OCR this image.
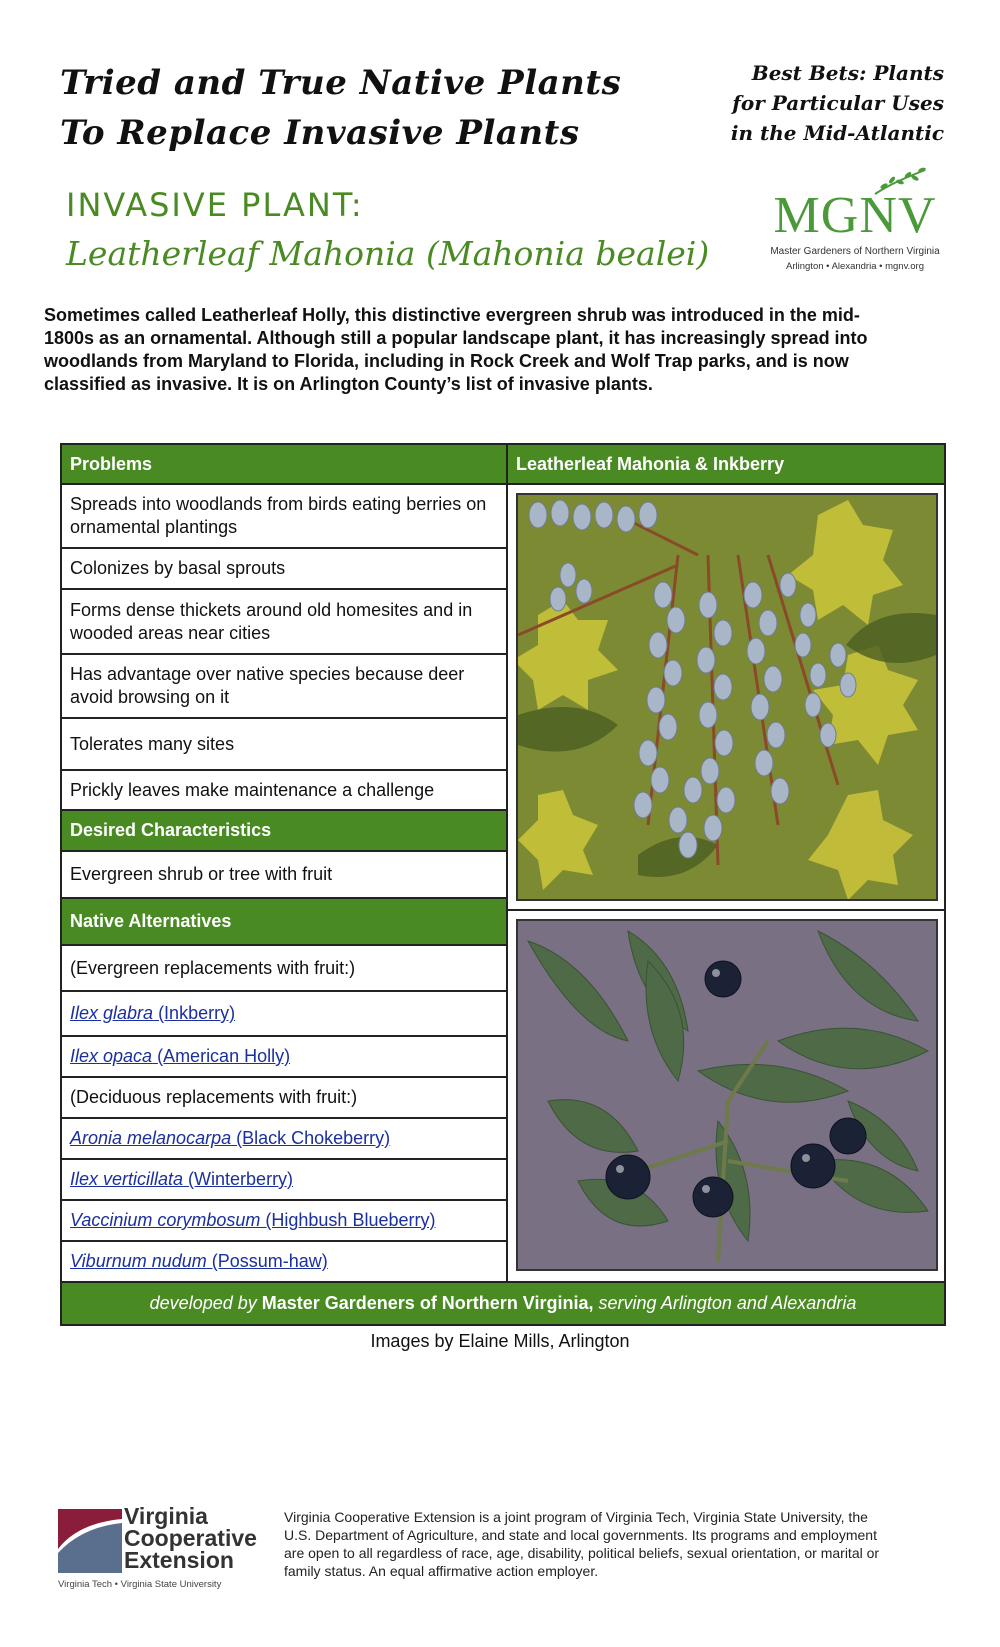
Tried and True Native Plants
To Replace Invasive Plants
Best Bets: Plants
for Particular Uses
in the Mid-Atlantic
INVASIVE PLANT:
Leatherleaf Mahonia (Mahonia bealei)
MGNV
Master Gardeners of Northern Virginia
Arlington • Alexandria • mgnv.org
Sometimes called Leatherleaf Holly, this distinctive evergreen shrub was introduced in the mid-1800s as an ornamental. Although still a popular landscape plant, it has increasingly spread into woodlands from Maryland to Florida, including in Rock Creek and Wolf Trap parks, and is now classified as invasive. It is on Arlington County’s list of invasive plants.
Problems
Spreads into woodlands from birds eating berries on ornamental plantings
Colonizes by basal sprouts
Forms dense thickets around old homesites and in wooded areas near cities
Has advantage over native species because deer avoid browsing on it
Tolerates many sites
Prickly leaves make maintenance a challenge
Desired Characteristics
Evergreen shrub or tree with fruit
Native Alternatives
(Evergreen replacements with fruit:)
Ilex glabra (Inkberry)
Ilex opaca (American Holly)
(Deciduous replacements with fruit:)
Aronia melanocarpa (Black Chokeberry)
Ilex verticillata (Winterberry)
Vaccinium corymbosum (Highbush Blueberry)
Viburnum nudum (Possum-haw)
Leatherleaf Mahonia & Inkberry
developed by Master Gardeners of Northern Virginia, serving Arlington and Alexandria
Images by Elaine Mills, Arlington
Virginia
Cooperative
Extension
Virginia Tech • Virginia State University
Virginia Cooperative Extension is a joint program of Virginia Tech, Virginia State University, the U.S. Department of Agriculture, and state and local governments. Its programs and employment are open to all regardless of race, age, disability, political beliefs, sexual orientation, or marital or family status. An equal affirmative action employer.
